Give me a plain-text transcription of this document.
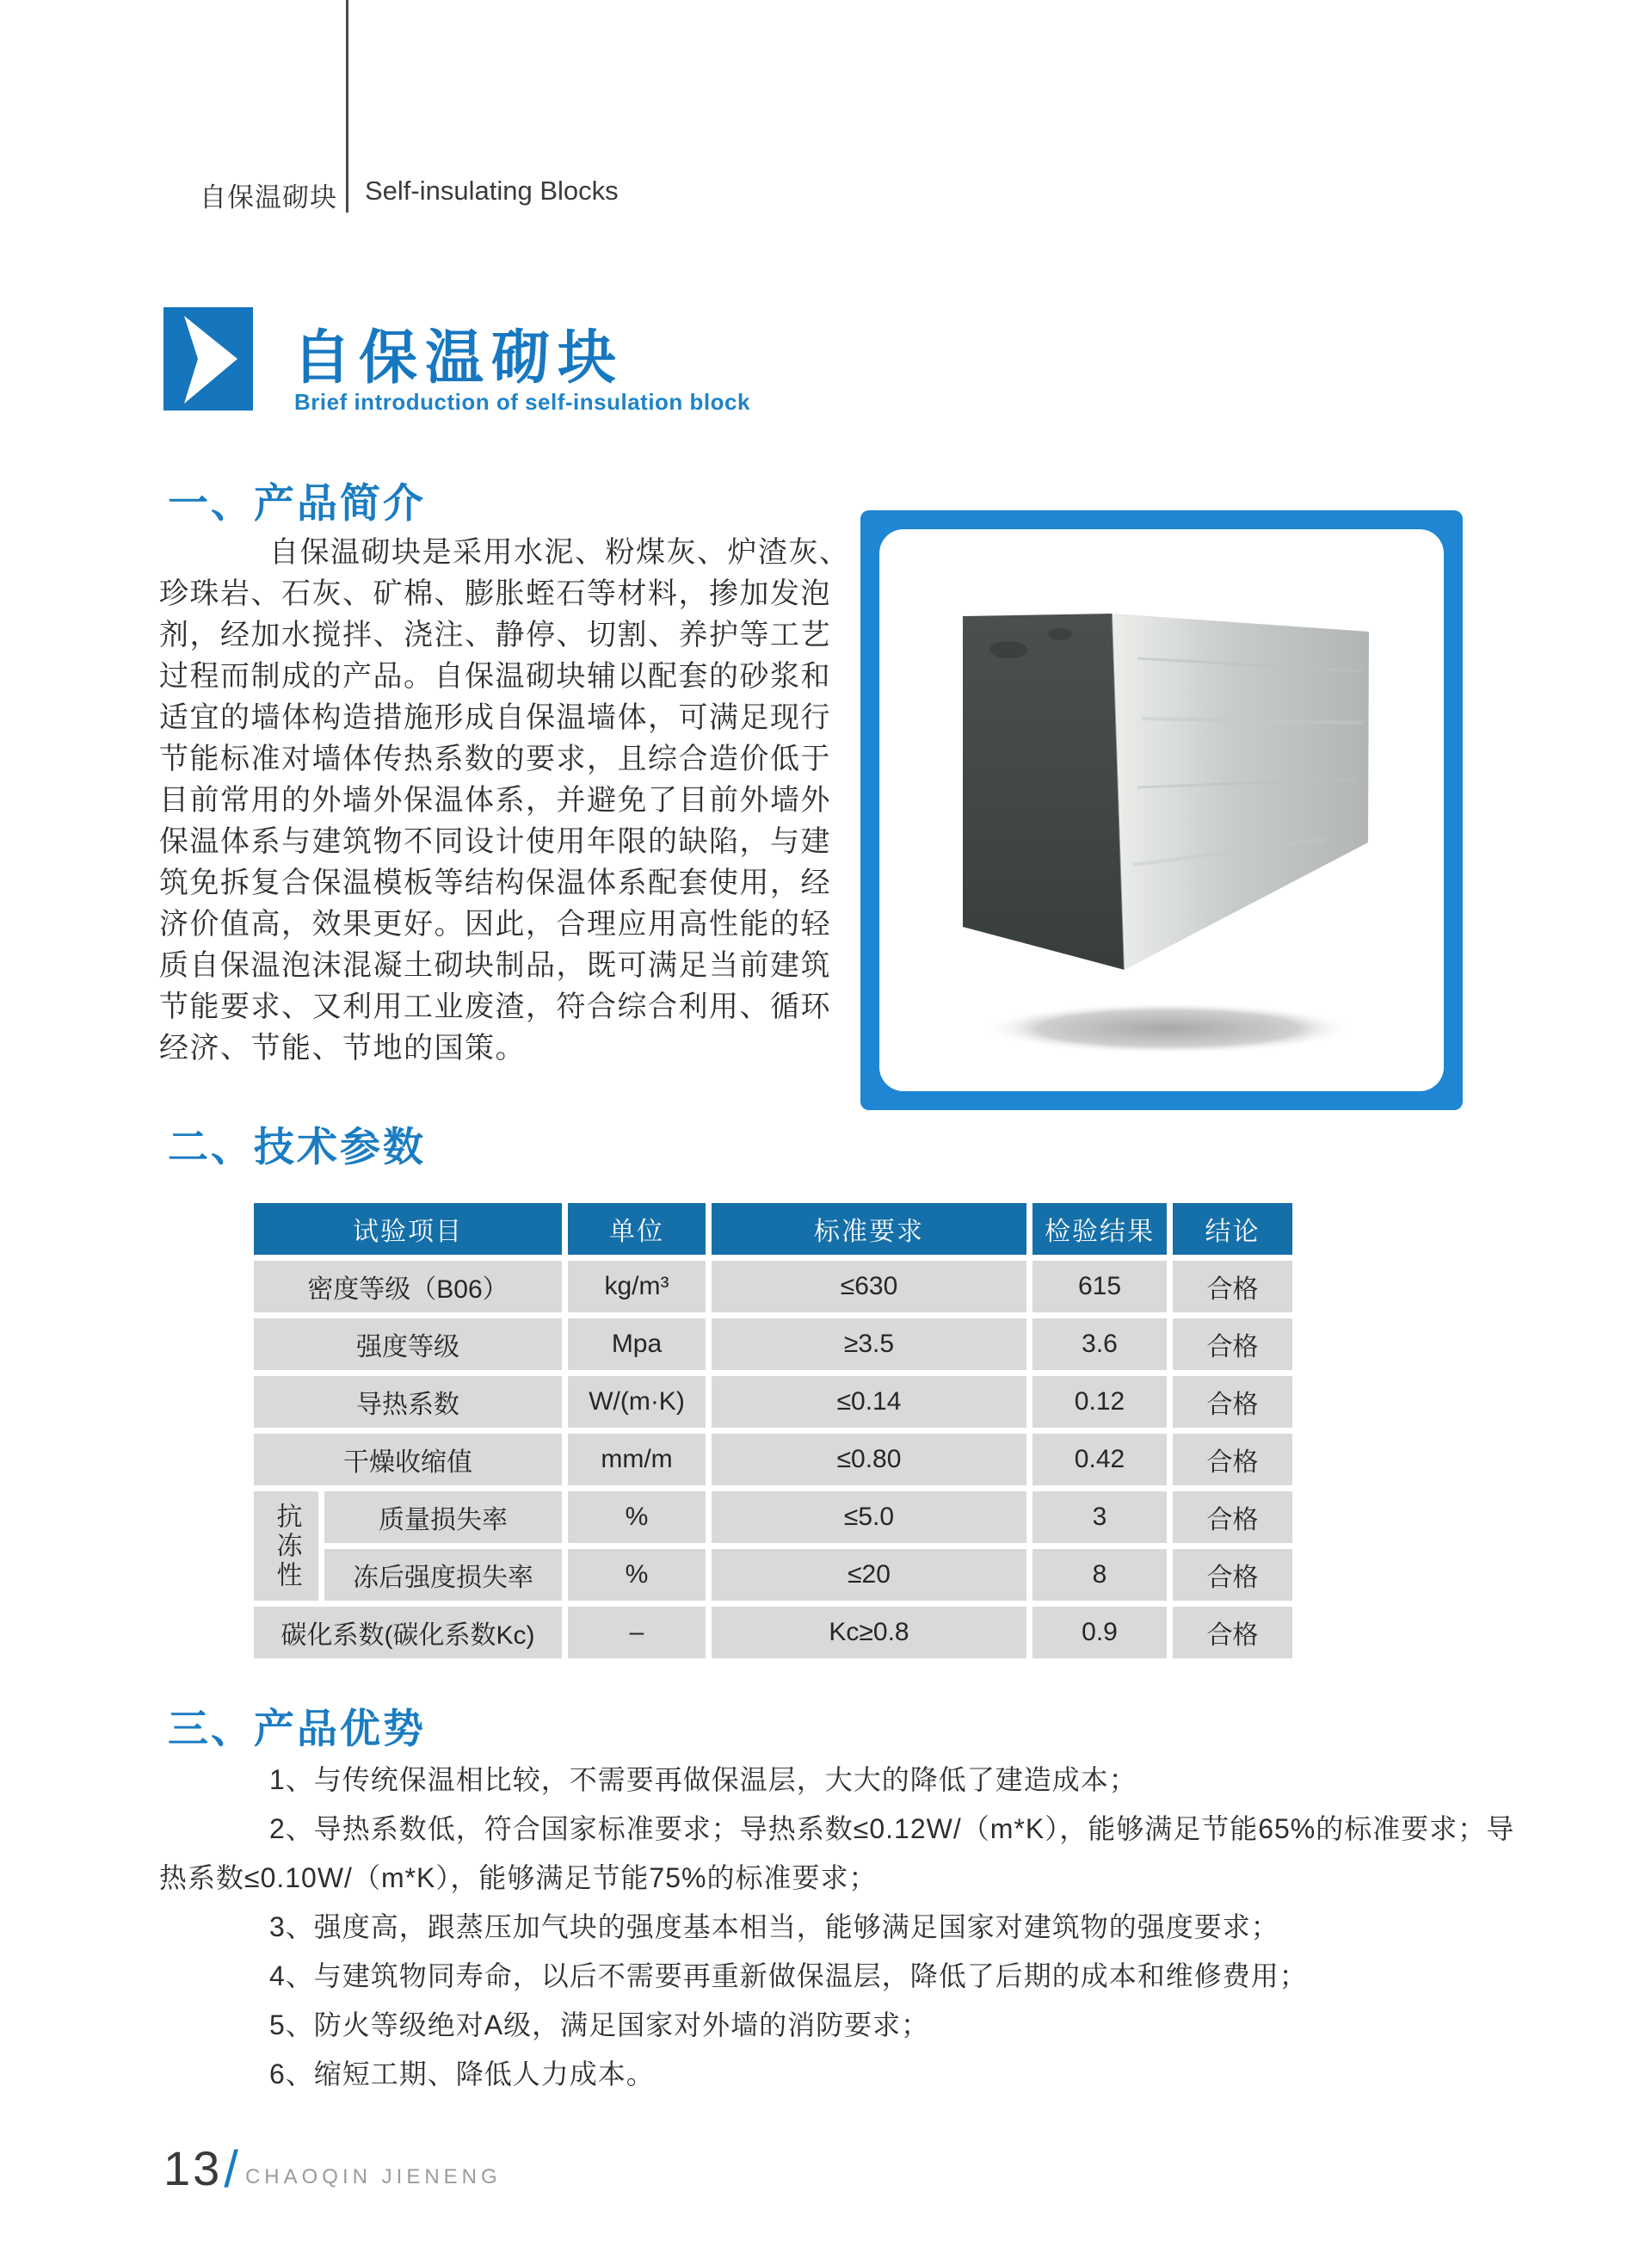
自保温砌块 Self-insulating Blocks
自保温砌块
Brief introduction of self-insulation block
一、产品简介
自保温砌块是采用水泥、粉煤灰、炉渣灰、
珍珠岩、石灰、矿棉、膨胀蛭石等材料，掺加发泡
剂，经加水搅拌、浇注、静停、切割、养护等工艺
过程而制成的产品。自保温砌块辅以配套的砂浆和
适宜的墙体构造措施形成自保温墙体，可满足现行
节能标准对墙体传热系数的要求，且综合造价低于
目前常用的外墙外保温体系，并避免了目前外墙外
保温体系与建筑物不同设计使用年限的缺陷，与建
筑免拆复合保温模板等结构保温体系配套使用，经
济价值高，效果更好。因此，合理应用高性能的轻
质自保温泡沫混凝土砌块制品，既可满足当前建筑
节能要求、又利用工业废渣，符合综合利用、循环
经济、节能、节地的国策。
二、技术参数
试验项目	单位	标准要求	检验结果	结论
密度等级（B06）	kg/m³	≤630	615	合格
强度等级	Mpa	≥3.5	3.6	合格
导热系数	W/(m·K)	≤0.14	0.12	合格
干燥收缩值	mm/m	≤0.80	0.42	合格
抗冻性	质量损失率	%	≤5.0	3	合格
冻后强度损失率	%	≤20	8	合格
碳化系数(碳化系数Kc)	–	Kc≥0.8	0.9	合格
三、产品优势
1、与传统保温相比较，不需要再做保温层，大大的降低了建造成本；
2、导热系数低，符合国家标准要求；导热系数≤0.12W/（m*K），能够满足节能65%的标准要求；导热系数≤0.10W/（m*K），能够满足节能75%的标准要求；
3、强度高，跟蒸压加气块的强度基本相当，能够满足国家对建筑物的强度要求；
4、与建筑物同寿命，以后不需要再重新做保温层，降低了后期的成本和维修费用；
5、防火等级绝对A级，满足国家对外墙的消防要求；
6、缩短工期、降低人力成本。
13 / CHAOQIN JIENENG
